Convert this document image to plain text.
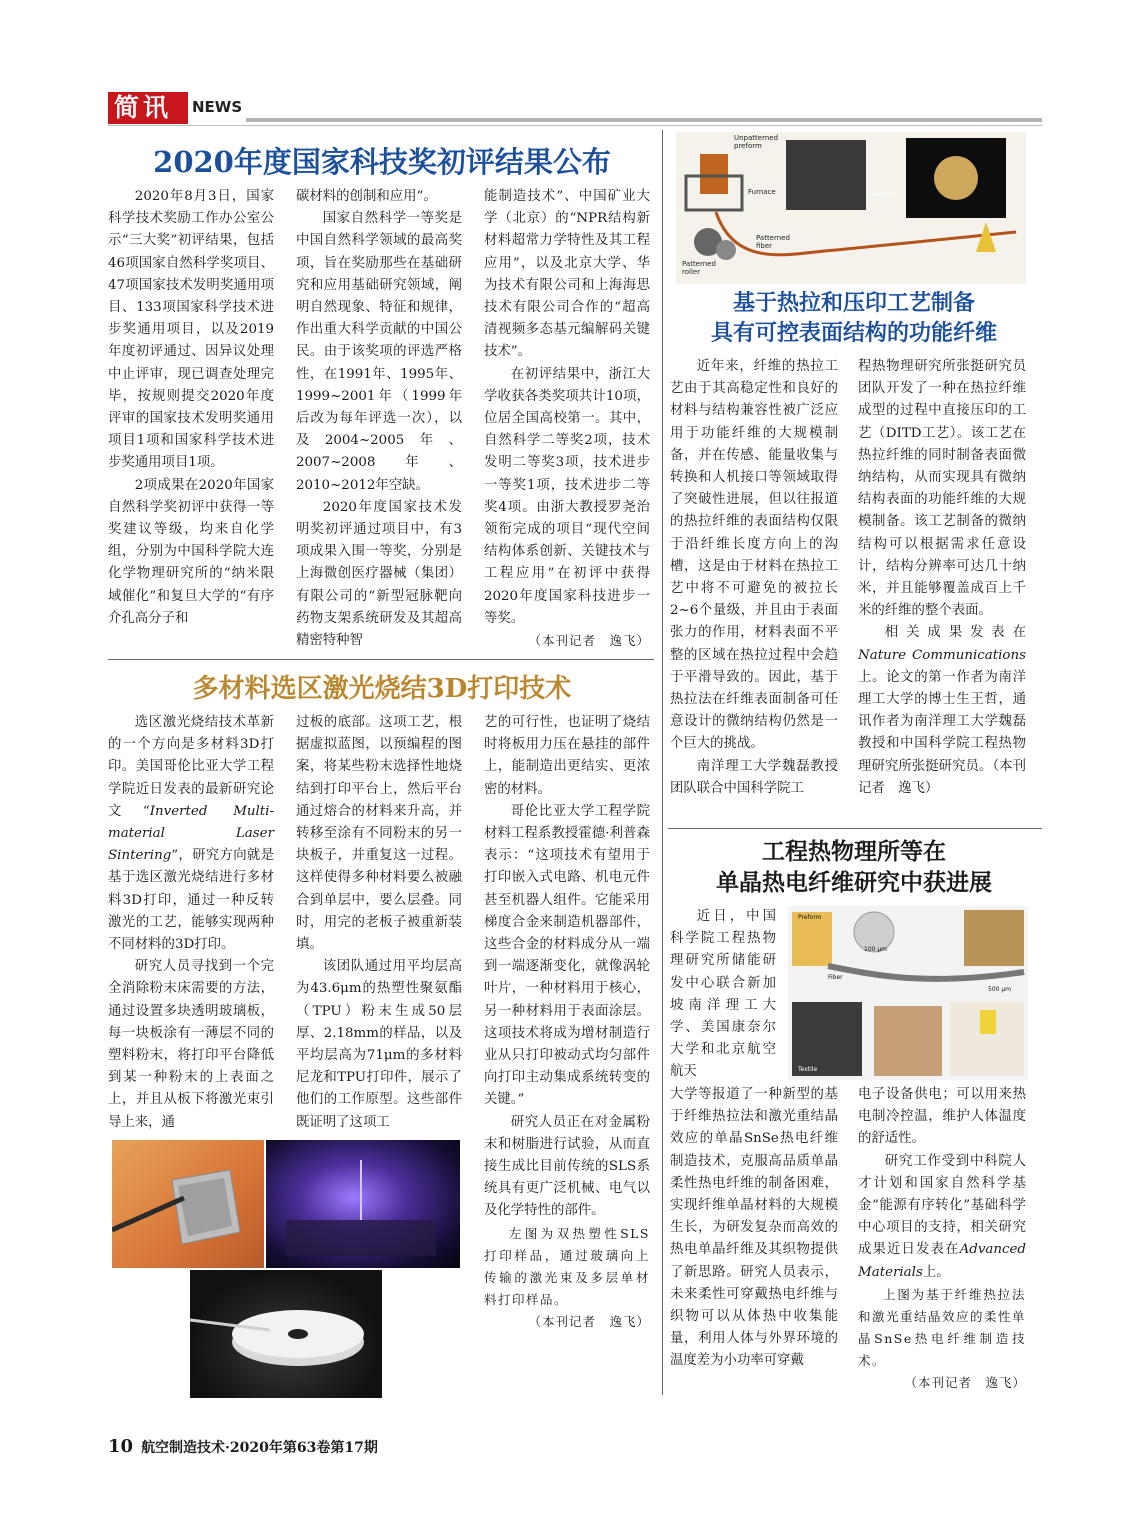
简讯	NEWS
2020年度国家科技奖初评结果公布

2020年8月3日，国家科学技术奖励工作办公室公示“三大奖”初评结果，包括46项国家自然科学奖项目、47项国家技术发明奖通用项目、133项国家科学技术进步奖通用项目，以及2019年度初评通过、因异议处理中止评审，现已调查处理完毕，按规则提交2020年度评审的国家技术发明奖通用项目1项和国家科学技术进步奖通用项目1项。

2项成果在2020年国家自然科学奖初评中获得一等奖建议等级，均来自化学组，分别为中国科学院大连化学物理研究所的“纳米限域催化”和复旦大学的“有序介孔高分子和

碳材料的创制和应用”。

国家自然科学一等奖是中国自然科学领域的最高奖项，旨在奖励那些在基础研究和应用基础研究领域，阐明自然现象、特征和规律，作出重大科学贡献的中国公民。由于该奖项的评选严格性，在1991年、1995年、1999~2001年（1999年后改为每年评选一次），以及2004~2005年、2007~2008年、2010~2012年空缺。

2020年度国家技术发明奖初评通过项目中，有3项成果入围一等奖，分别是上海微创医疗器械（集团）有限公司的“新型冠脉靶向药物支架系统研发及其超高精密特种智

能制造技术”、中国矿业大学（北京）的“NPR结构新材料超常力学特性及其工程应用”，以及北京大学、华为技术有限公司和上海海思技术有限公司合作的“超高清视频多态基元编解码关键技术”。

在初评结果中，浙江大学收获各类奖项共计10项，位居全国高校第一。其中，自然科学二等奖2项，技术发明二等奖3项，技术进步一等奖1项，技术进步二等奖4项。由浙大教授罗尧治领衔完成的项目“现代空间结构体系创新、关键技术与工程应用”在初评中获得2020年度国家科技进步一等奖。

（本刊记者　逸飞）
多材料选区激光烧结3D打印技术

选区激光烧结技术革新的一个方向是多材料3D打印。美国哥伦比亚大学工程学院近日发表的最新研究论文“Inverted Multi-material Laser Sintering”，研究方向就是基于选区激光烧结进行多材料3D打印，通过一种反转激光的工艺，能够实现两种不同材料的3D打印。

研究人员寻找到一个完全消除粉末床需要的方法，通过设置多块透明玻璃板，每一块板涂有一薄层不同的塑料粉末，将打印平台降低到某一种粉末的上表面之上，并且从板下将激光束引导上来，通

过板的底部。这项工艺，根据虚拟蓝图，以预编程的图案，将某些粉末选择性地烧结到打印平台上，然后平台通过熔合的材料来升高，并转移至涂有不同粉末的另一块板子，并重复这一过程。这样使得多种材料要么被融合到单层中，要么层叠。同时，用完的老板子被重新装填。

该团队通过用平均层高为43.6μm的热塑性聚氨酯（TPU）粉末生成50层厚、2.18mm的样品，以及平均层高为71μm的多材料尼龙和TPU打印件，展示了他们的工作原型。这些部件既证明了这项工

艺的可行性，也证明了烧结时将板用力压在悬挂的部件上，能制造出更结实、更浓密的材料。

哥伦比亚大学工程学院材料工程系教授霍德·利普森表示：“这项技术有望用于打印嵌入式电路、机电元件甚至机器人组件。它能采用梯度合金来制造机器部件，这些合金的材料成分从一端到一端逐渐变化，就像涡轮叶片，一种材料用于核心，另一种材料用于表面涂层。这项技术将成为增材制造行业从只打印被动式均匀部件向打印主动集成系统转变的关键。”

研究人员正在对金属粉末和树脂进行试验，从而直接生成比目前传统的SLS系统具有更广泛机械、电气以及化学特性的部件。

左图为双热塑性SLS打印样品，通过玻璃向上传输的激光束及多层单材料打印样品。

（本刊记者　逸飞）
Unpatterned preform
Furnace
Patterned roller
Patterned fiber
50 μm
基于热拉和压印工艺制备
具有可控表面结构的功能纤维

近年来，纤维的热拉工艺由于其高稳定性和良好的材料与结构兼容性被广泛应用于功能纤维的大规模制备，并在传感、能量收集与转换和人机接口等领域取得了突破性进展，但以往报道的热拉纤维的表面结构仅限于沿纤维长度方向上的沟槽，这是由于材料在热拉工艺中将不可避免的被拉长2~6个量级，并且由于表面张力的作用，材料表面不平整的区域在热拉过程中会趋于平滑导致的。因此，基于热拉法在纤维表面制备可任意设计的微纳结构仍然是一个巨大的挑战。

南洋理工大学魏磊教授团队联合中国科学院工

程热物理研究所张挺研究员团队开发了一种在热拉纤维成型的过程中直接压印的工艺（DITD工艺）。该工艺在热拉纤维的同时制备表面微纳结构，从而实现具有微纳结构表面的功能纤维的大规模制备。该工艺制备的微纳结构可以根据需求任意设计，结构分辨率可达几十纳米，并且能够覆盖成百上千米的纤维的整个表面。

相关成果发表在Nature Communications上。论文的第一作者为南洋理工大学的博士生王哲，通讯作者为南洋理工大学魏磊教授和中国科学院工程热物理研究所张挺研究员。（本刊记者　逸飞）

工程热物理所等在
单晶热电纤维研究中获进展
Preform
Fiber
100 μm
500 μm
Textile

近日，中国科学院工程热物理研究所储能研发中心联合新加坡南洋理工大学、美国康奈尔大学和北京航空航天

大学等报道了一种新型的基于纤维热拉法和激光重结晶效应的单晶SnSe热电纤维制造技术，克服高品质单晶柔性热电纤维的制备困难，实现纤维单晶材料的大规模生长，为研发复杂而高效的热电单晶纤维及其织物提供了新思路。研究人员表示，未来柔性可穿戴热电纤维与织物可以从体热中收集能量，利用人体与外界环境的温度差为小功率可穿戴

电子设备供电；可以用来热电制冷控温，维护人体温度的舒适性。

研究工作受到中科院人才计划和国家自然科学基金“能源有序转化”基础科学中心项目的支持，相关研究成果近日发表在Advanced Materials上。

上图为基于纤维热拉法和激光重结晶效应的柔性单晶SnSe热电纤维制造技术。

（本刊记者　逸飞）
10 航空制造技术·2020年第63卷第17期
